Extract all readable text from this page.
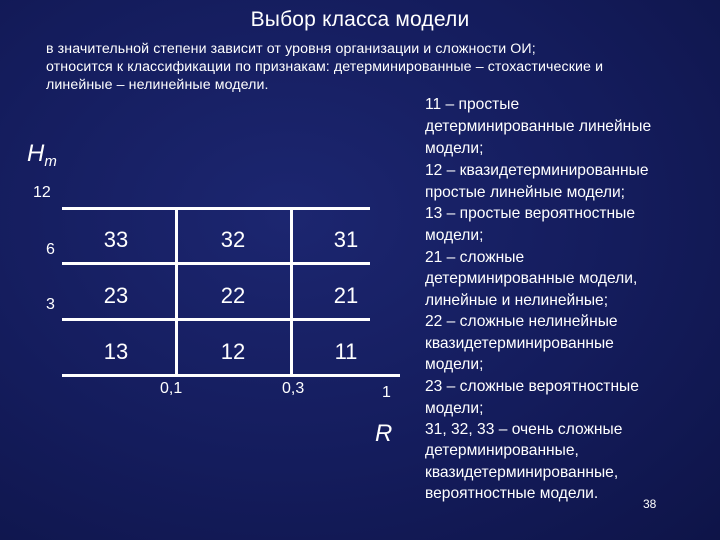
Выбор класса модели
в значительной степени зависит от уровня организации и сложности ОИ;
относится к классификации по признакам: детерминированные – стохастические и
линейные – нелинейные модели.
11 – простые
детерминированные линейные
модели;
12 – квазидетерминированные
простые линейные модели;
13 – простые вероятностные
модели;
21 – сложные
детерминированные модели,
линейные и нелинейные;
22 – сложные нелинейные
квазидетерминированные
модели;
23 – сложные вероятностные
модели;
31, 32, 33 – очень сложные
детерминированные,
квазидетерминированные,
вероятностные модели.
38
$H_m$
12
6
3
33	32	31
23	22	21
13	12	11
0,1	0,3	1
R
